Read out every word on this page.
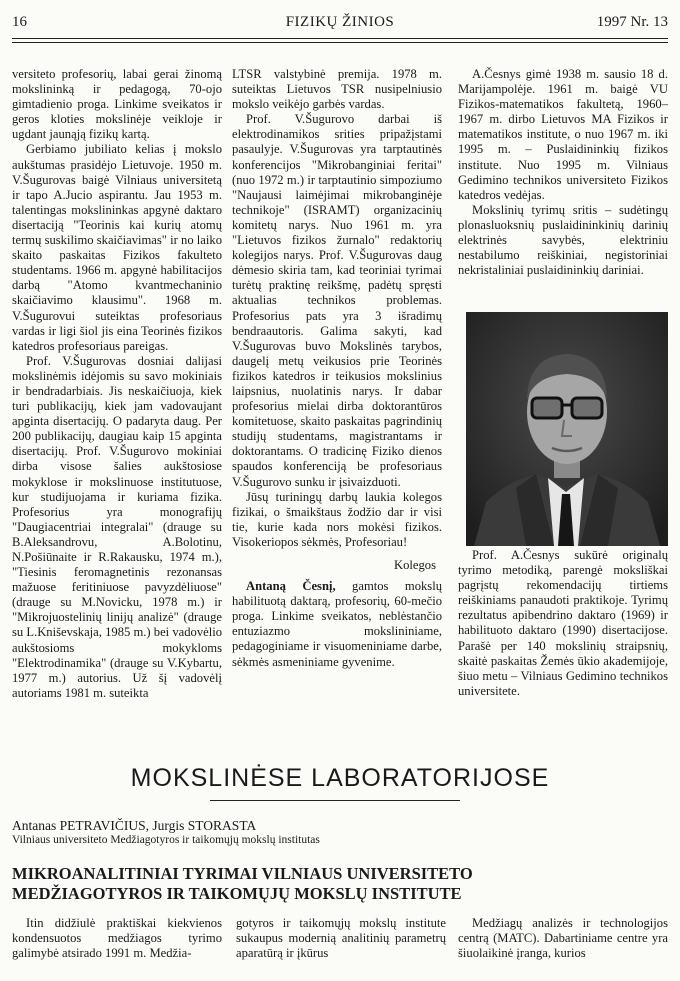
16	FIZIKŲ ŽINIOS	1997 Nr. 13

versiteto profesorių, labai gerai žinomą mokslininką ir pedagogą, 70-ojo gimtadienio proga. Linkime sveikatos ir geros kloties mokslinėje veikloje ir ugdant jaunąją fizikų kartą.

Gerbiamo jubiliato kelias į mokslo aukštumas prasidėjo Lietuvoje. 1950 m. V.Šugurovas baigė Vilniaus universitetą ir tapo A.Jucio aspirantu. Jau 1953 m. talentingas mokslininkas apgynė daktaro disertaciją "Teorinis kai kurių atomų termų suskilimo skaičiavimas" ir no laiko skaito paskaitas Fizikos fakulteto studentams. 1966 m. apgynė habilitacijos darbą "Atomo kvantmechaninio skaičiavimo klausimu". 1968 m. V.Šugurovui suteiktas profesoriaus vardas ir ligi šiol jis eina Teorinės fizikos katedros profesoriaus pareigas.

Prof. V.Šugurovas dosniai dalijasi mokslinėmis idėjomis su savo mokiniais ir bendradarbiais. Jis neskaičiuoja, kiek turi publikacijų, kiek jam vadovaujant apginta disertacijų. O padaryta daug. Per 200 publikacijų, daugiau kaip 15 apginta disertacijų. Prof. V.Šugurovo mokiniai dirba visose šalies aukštosiose mokyklose ir mokslinuose institutuose, kur studijuojama ir kuriama fizika. Profesorius yra monografijų "Daugiacentriai integralai" (drauge su B.Aleksandrovu, A.Bolotinu, N.Pošiūnaite ir R.Rakausku, 1974 m.), "Tiesinis feromagnetinis rezonansas mažuose feritiniuose pavyzdėliuose" (drauge su M.Novicku, 1978 m.) ir "Mikrojuostelinių linijų analizė" (drauge su L.Kniševskaja, 1985 m.) bei vadovėlio aukštosioms mokykloms "Elektrodinamika" (drauge su V.Kybartu, 1977 m.) autorius. Už šį vadovėlį autoriams 1981 m. suteikta

LTSR valstybinė premija. 1978 m. suteiktas Lietuvos TSR nusipelniusio mokslo veikėjo garbės vardas.

Prof. V.Šugurovo darbai iš elektrodinamikos srities pripažįstami pasaulyje. V.Šugurovas yra tarptautinės konferencijos "Mikrobanginiai feritai" (nuo 1972 m.) ir tarptautinio simpoziumo "Naujausi laimėjimai mikrobanginėje technikoje" (ISRAMT) organizacinių komitetų narys. Nuo 1961 m. yra "Lietuvos fizikos žurnalo" redaktorių kolegijos narys. Prof. V.Šugurovas daug dėmesio skiria tam, kad teoriniai tyrimai turėtų praktinę reikšmę, padėtų spręsti aktualias technikos problemas. Profesorius pats yra 3 išradimų bendraautoris. Galima sakyti, kad V.Šugurovas buvo Mokslinės tarybos, daugelį metų veikusios prie Teorinės fizikos katedros ir teikusios mokslinius laipsnius, nuolatinis narys. Ir dabar profesorius mielai dirba doktorantūros komitetuose, skaito paskaitas pagrindinių studijų studentams, magistrantams ir doktorantams. O tradicinę Fiziko dienos spaudos konferenciją be profesoriaus V.Šugurovo sunku ir įsivaizduoti.

Jūsų turiningų darbų laukia kolegos fizikai, o šmaikštaus žodžio dar ir visi tie, kurie kada nors mokėsi fizikos. Visokeriopos sėkmės, Profesoriau!

Kolegos

Antaną Česnį, gamtos mokslų habilituotą daktarą, profesorių, 60-mečio proga. Linkime sveikatos, neblėstančio entuziazmo mokslininiame, pedagoginiame ir visuomeniniame darbe, sėkmės asmeniniame gyvenime.

A.Česnys gimė 1938 m. sausio 18 d. Marijampolėje. 1961 m. baigė VU Fizikos-matematikos fakultetą, 1960–1967 m. dirbo Lietuvos MA Fizikos ir matematikos institute, o nuo 1967 m. iki 1995 m. – Puslaidininkių fizikos institute. Nuo 1995 m. Vilniaus Gedimino technikos universiteto Fizikos katedros vedėjas.

Mokslinių tyrimų sritis – sudėtingų plonasluoksnių puslaidininkinių darinių elektrinės savybės, elektriniu nestabilumo reiškiniai, negistoriniai nekristaliniai puslaidininkių dariniai.

Prof. A.Česnys sukūrė originalų tyrimo metodiką, parengė moksliškai pagrįstų rekomendacijų tirtiems reiškiniams panaudoti praktikoje. Tyrimų rezultatus apibendrino daktaro (1969) ir habilituoto daktaro (1990) disertacijose. Parašė per 140 mokslinių straipsnių, skaitė paskaitas Žemės ūkio akademijoje, šiuo metu – Vilniaus Gedimino technikos universitete.

MOKSLINĖSE LABORATORIJOSE
Antanas PETRAVIČIUS, Jurgis STORASTA
Vilniaus universiteto Medžiagotyros ir taikomųjų mokslų institutas
MIKROANALITINIAI TYRIMAI VILNIAUS UNIVERSITETO
MEDŽIAGOTYROS IR TAIKOMŲJŲ MOKSLŲ INSTITUTE

Itin didžiulė praktiškai kiekvienos kondensuotos medžiagos tyrimo galimybė atsirado 1991 m. Medžia-

gotyros ir taikomųjų mokslų institute sukaupus modernią analitinių parametrų aparatūrą ir įkūrus

Medžiagų analizės ir technologijos centrą (MATC). Dabartiniame centre yra šiuolaikinė įranga, kurios
